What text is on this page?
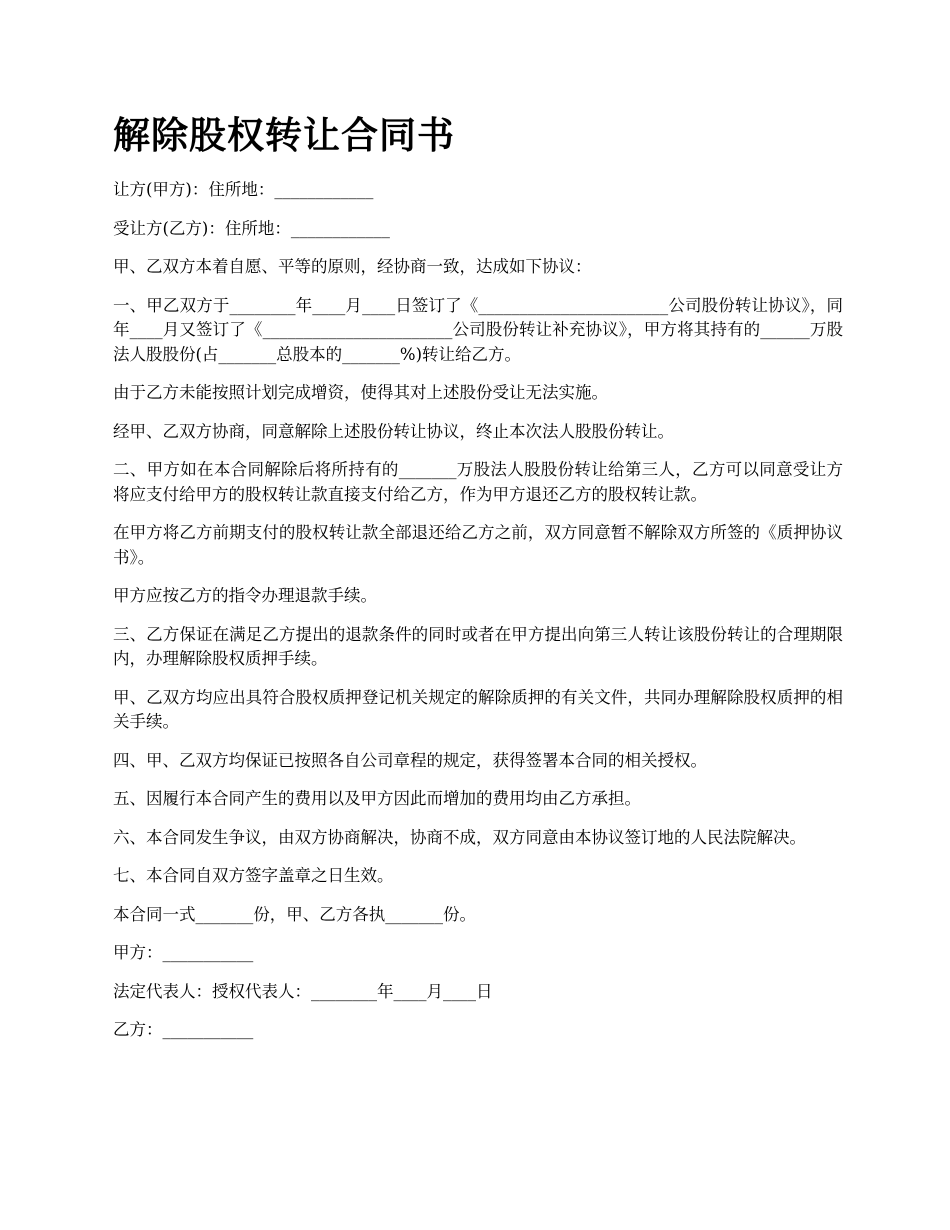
解除股权转让合同书

让方(甲方)：住所地：____________

受让方(乙方)：住所地：____________

甲、乙双方本着自愿、平等的原则，经协商一致，达成如下协议：

一、甲乙双方于________年____月____日签订了《_______________________公司股份转让协议》，同年____月又签订了《_______________________公司股份转让补充协议》，甲方将其持有的______万股法人股股份(占_______总股本的_______%)转让给乙方。

由于乙方未能按照计划完成增资，使得其对上述股份受让无法实施。

经甲、乙双方协商，同意解除上述股份转让协议，终止本次法人股股份转让。

二、甲方如在本合同解除后将所持有的_______万股法人股股份转让给第三人，乙方可以同意受让方将应支付给甲方的股权转让款直接支付给乙方，作为甲方退还乙方的股权转让款。

在甲方将乙方前期支付的股权转让款全部退还给乙方之前，双方同意暂不解除双方所签的《质押协议书》。

甲方应按乙方的指令办理退款手续。

三、乙方保证在满足乙方提出的退款条件的同时或者在甲方提出向第三人转让该股份转让的合理期限内，办理解除股权质押手续。

甲、乙双方均应出具符合股权质押登记机关规定的解除质押的有关文件，共同办理解除股权质押的相关手续。

四、甲、乙双方均保证已按照各自公司章程的规定，获得签署本合同的相关授权。

五、因履行本合同产生的费用以及甲方因此而增加的费用均由乙方承担。

六、本合同发生争议，由双方协商解决，协商不成，双方同意由本协议签订地的人民法院解决。

七、本合同自双方签字盖章之日生效。

本合同一式_______份，甲、乙方各执_______份。

甲方：___________

法定代表人：授权代表人：________年____月____日

乙方：___________
